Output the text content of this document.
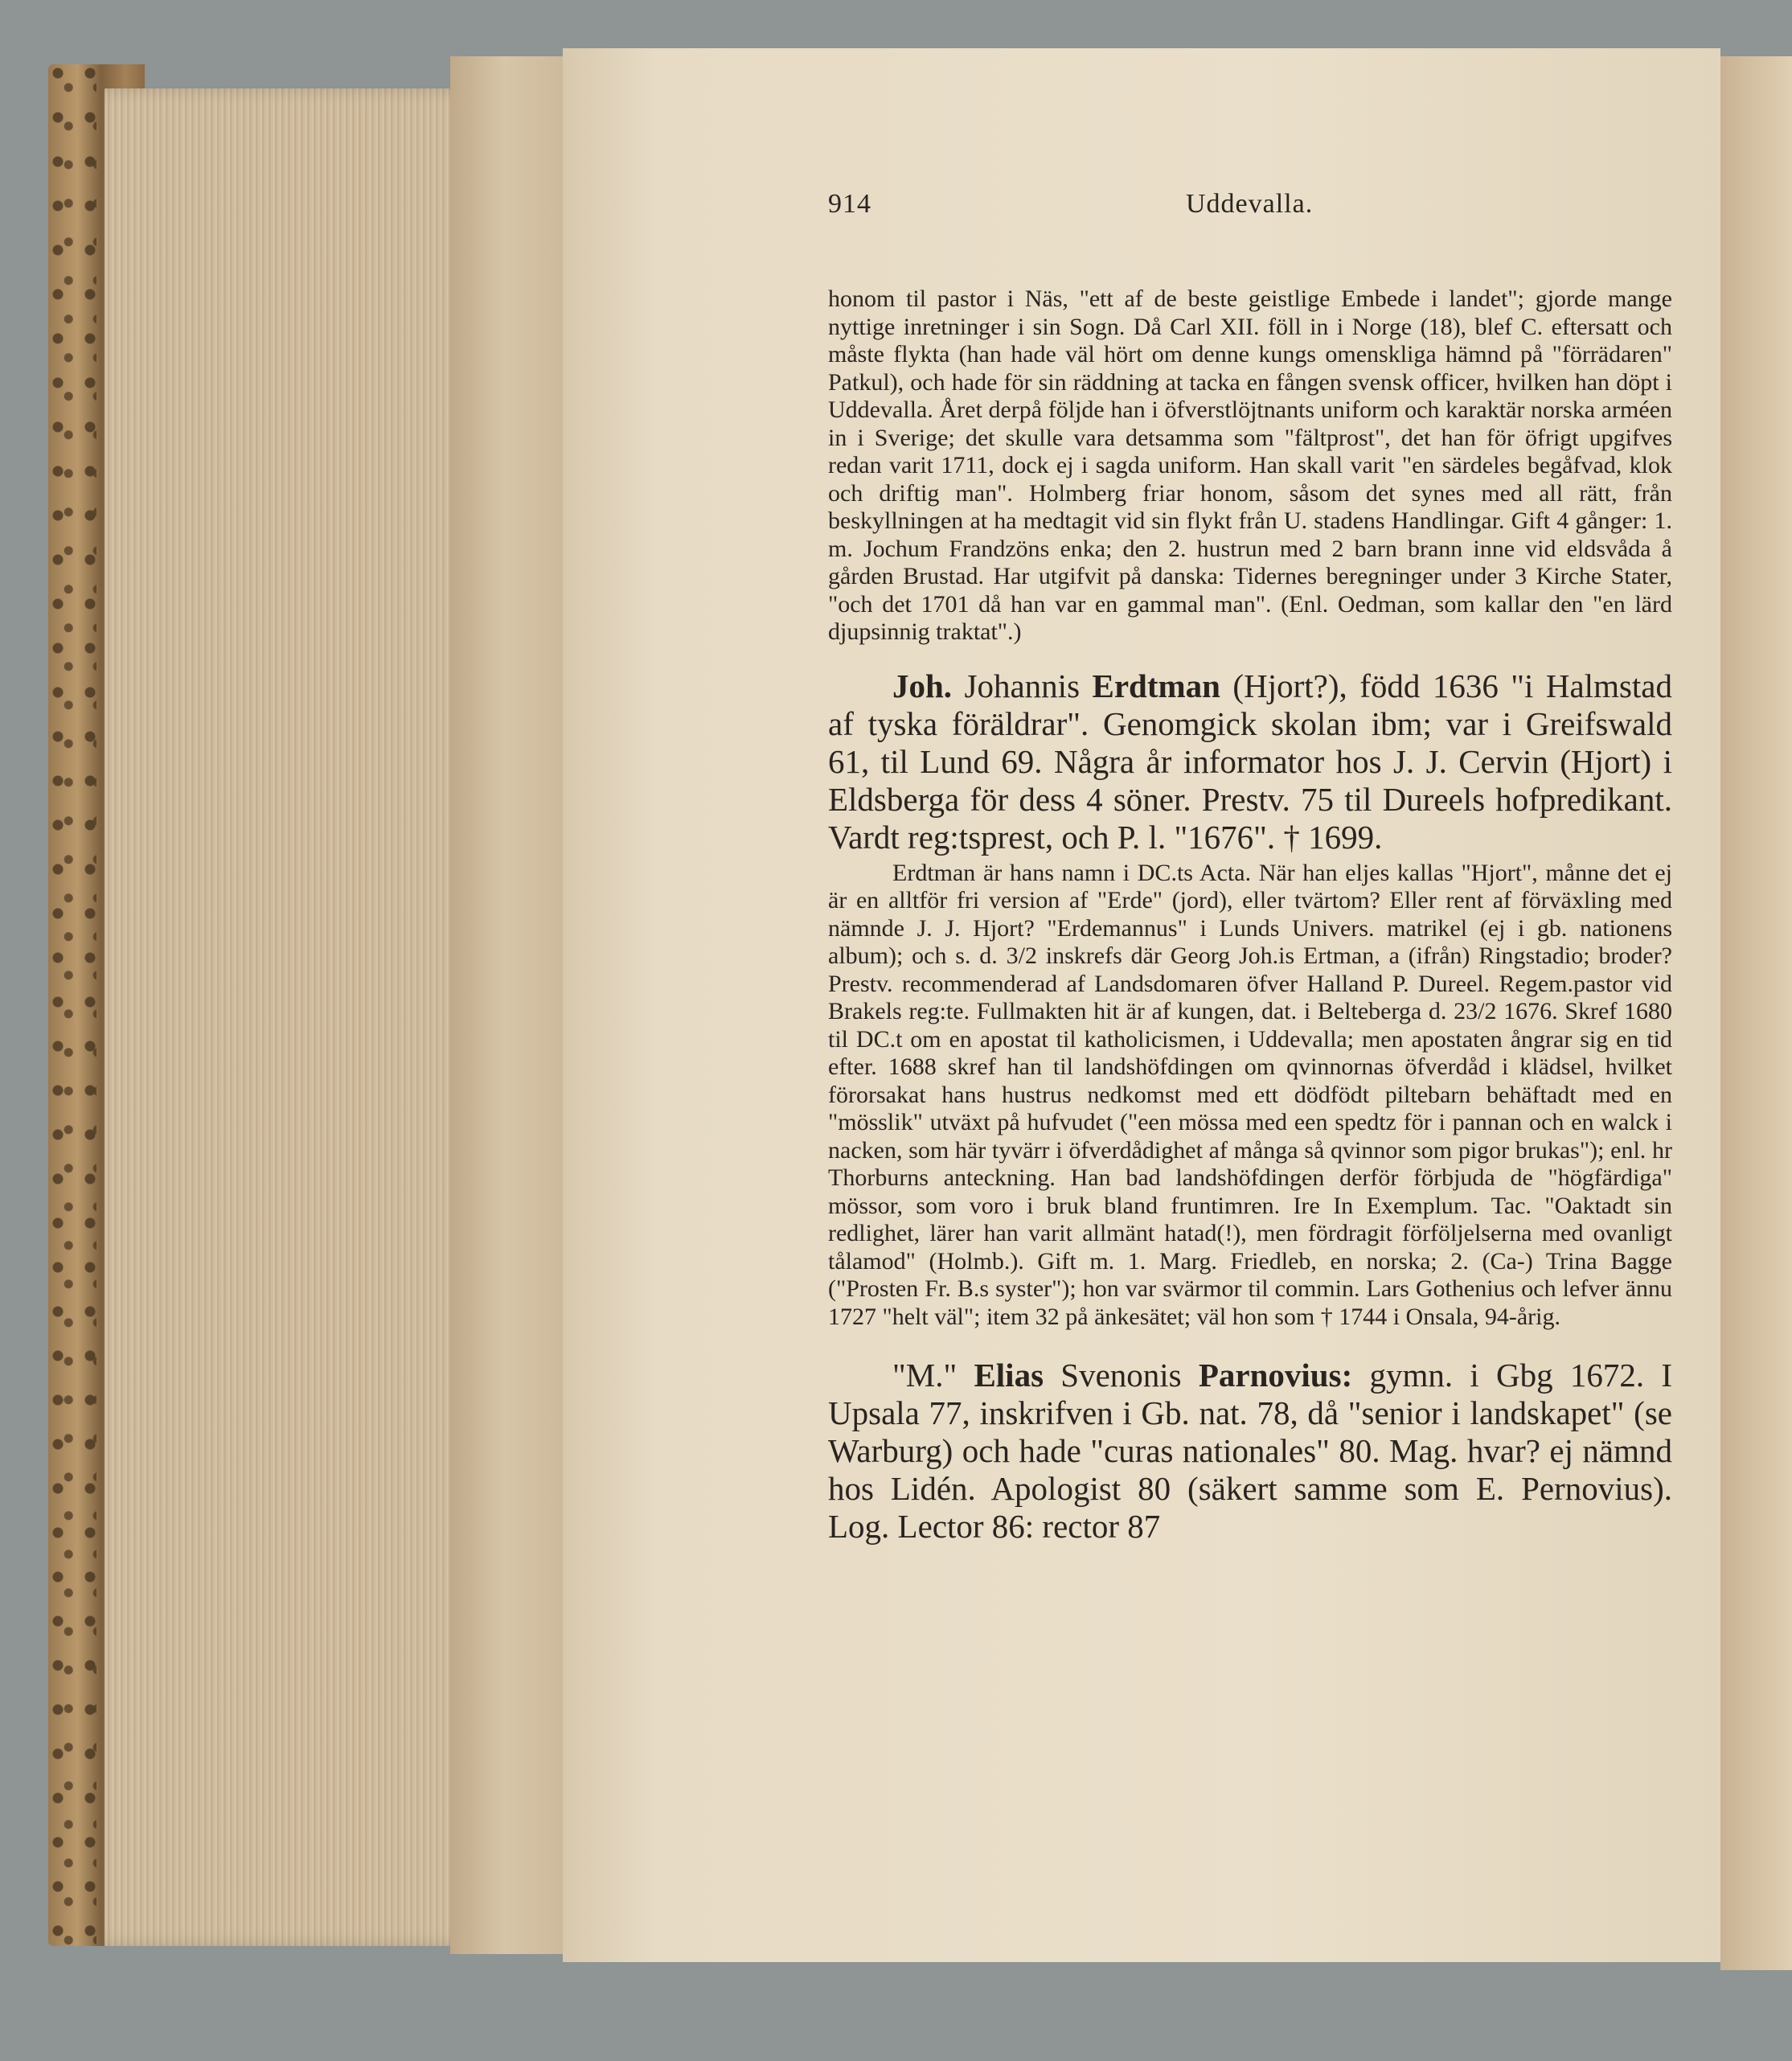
914	Uddevalla.

honom til pastor i Näs, "ett af de beste geistlige Embede i landet"; gjorde mange nyttige inretninger i sin Sogn. Då Carl XII. föll in i Norge (18), blef C. eftersatt och måste flykta (han hade väl hört om denne kungs omenskliga hämnd på "förrädaren" Patkul), och hade för sin räddning at tacka en fången svensk officer, hvilken han döpt i Uddevalla. Året derpå följde han i öfverstlöjtnants uniform och karaktär norska arméen in i Sverige; det skulle vara detsamma som "fältprost", det han för öfrigt upgifves redan varit 1711, dock ej i sagda uniform. Han skall varit "en särdeles begåfvad, klok och driftig man". Holmberg friar honom, såsom det synes med all rätt, från beskyllningen at ha medtagit vid sin flykt från U. stadens Handlingar. Gift 4 gånger: 1. m. Jochum Frandzöns enka; den 2. hustrun med 2 barn brann inne vid eldsvåda å gården Brustad. Har utgifvit på danska: Tidernes beregninger under 3 Kirche Stater, "och det 1701 då han var en gammal man". (Enl. Oedman, som kallar den "en lärd djupsinnig traktat".)

Joh. Johannis Erdtman (Hjort?), född 1636 "i Halmstad af tyska föräldrar". Genomgick skolan ibm; var i Greifswald 61, til Lund 69. Några år informator hos J. J. Cervin (Hjort) i Eldsberga för dess 4 söner. Prestv. 75 til Dureels hofpredikant. Vardt reg:tsprest, och P. l. "1676". † 1699.

Erdtman är hans namn i DC.ts Acta. När han eljes kallas "Hjort", månne det ej är en alltför fri version af "Erde" (jord), eller tvärtom? Eller rent af förväxling med nämnde J. J. Hjort? "Erdemannus" i Lunds Univers. matrikel (ej i gb. nationens album); och s. d. 3/2 inskrefs där Georg Joh.is Ertman, a (ifrån) Ringstadio; broder? Prestv. recommenderad af Landsdomaren öfver Halland P. Dureel. Regem.pastor vid Brakels reg:te. Fullmakten hit är af kungen, dat. i Belteberga d. 23/2 1676. Skref 1680 til DC.t om en apostat til katholicismen, i Uddevalla; men apostaten ångrar sig en tid efter. 1688 skref han til landshöfdingen om qvinnornas öfverdåd i klädsel, hvilket förorsakat hans hustrus nedkomst med ett dödfödt piltebarn behäftadt med en "mösslik" utväxt på hufvudet ("een mössa med een spedtz för i pannan och en walck i nacken, som här tyvärr i öfverdådighet af många så qvinnor som pigor brukas"); enl. hr Thorburns anteckning. Han bad landshöfdingen derför förbjuda de "högfärdiga" mössor, som voro i bruk bland fruntimren. Ire In Exemplum. Tac. "Oaktadt sin redlighet, lärer han varit allmänt hatad(!), men fördragit förföljelserna med ovanligt tålamod" (Holmb.). Gift m. 1. Marg. Friedleb, en norska; 2. (Ca-) Trina Bagge ("Prosten Fr. B.s syster"); hon var svärmor til commin. Lars Gothenius och lefver ännu 1727 "helt väl"; item 32 på änkesätet; väl hon som † 1744 i Onsala, 94-årig.

"M." Elias Svenonis Parnovius: gymn. i Gbg 1672. I Upsala 77, inskrifven i Gb. nat. 78, då "senior i landskapet" (se Warburg) och hade "curas nationales" 80. Mag. hvar? ej nämnd hos Lidén. Apologist 80 (säkert samme som E. Pernovius). Log. Lector 86: rector 87
